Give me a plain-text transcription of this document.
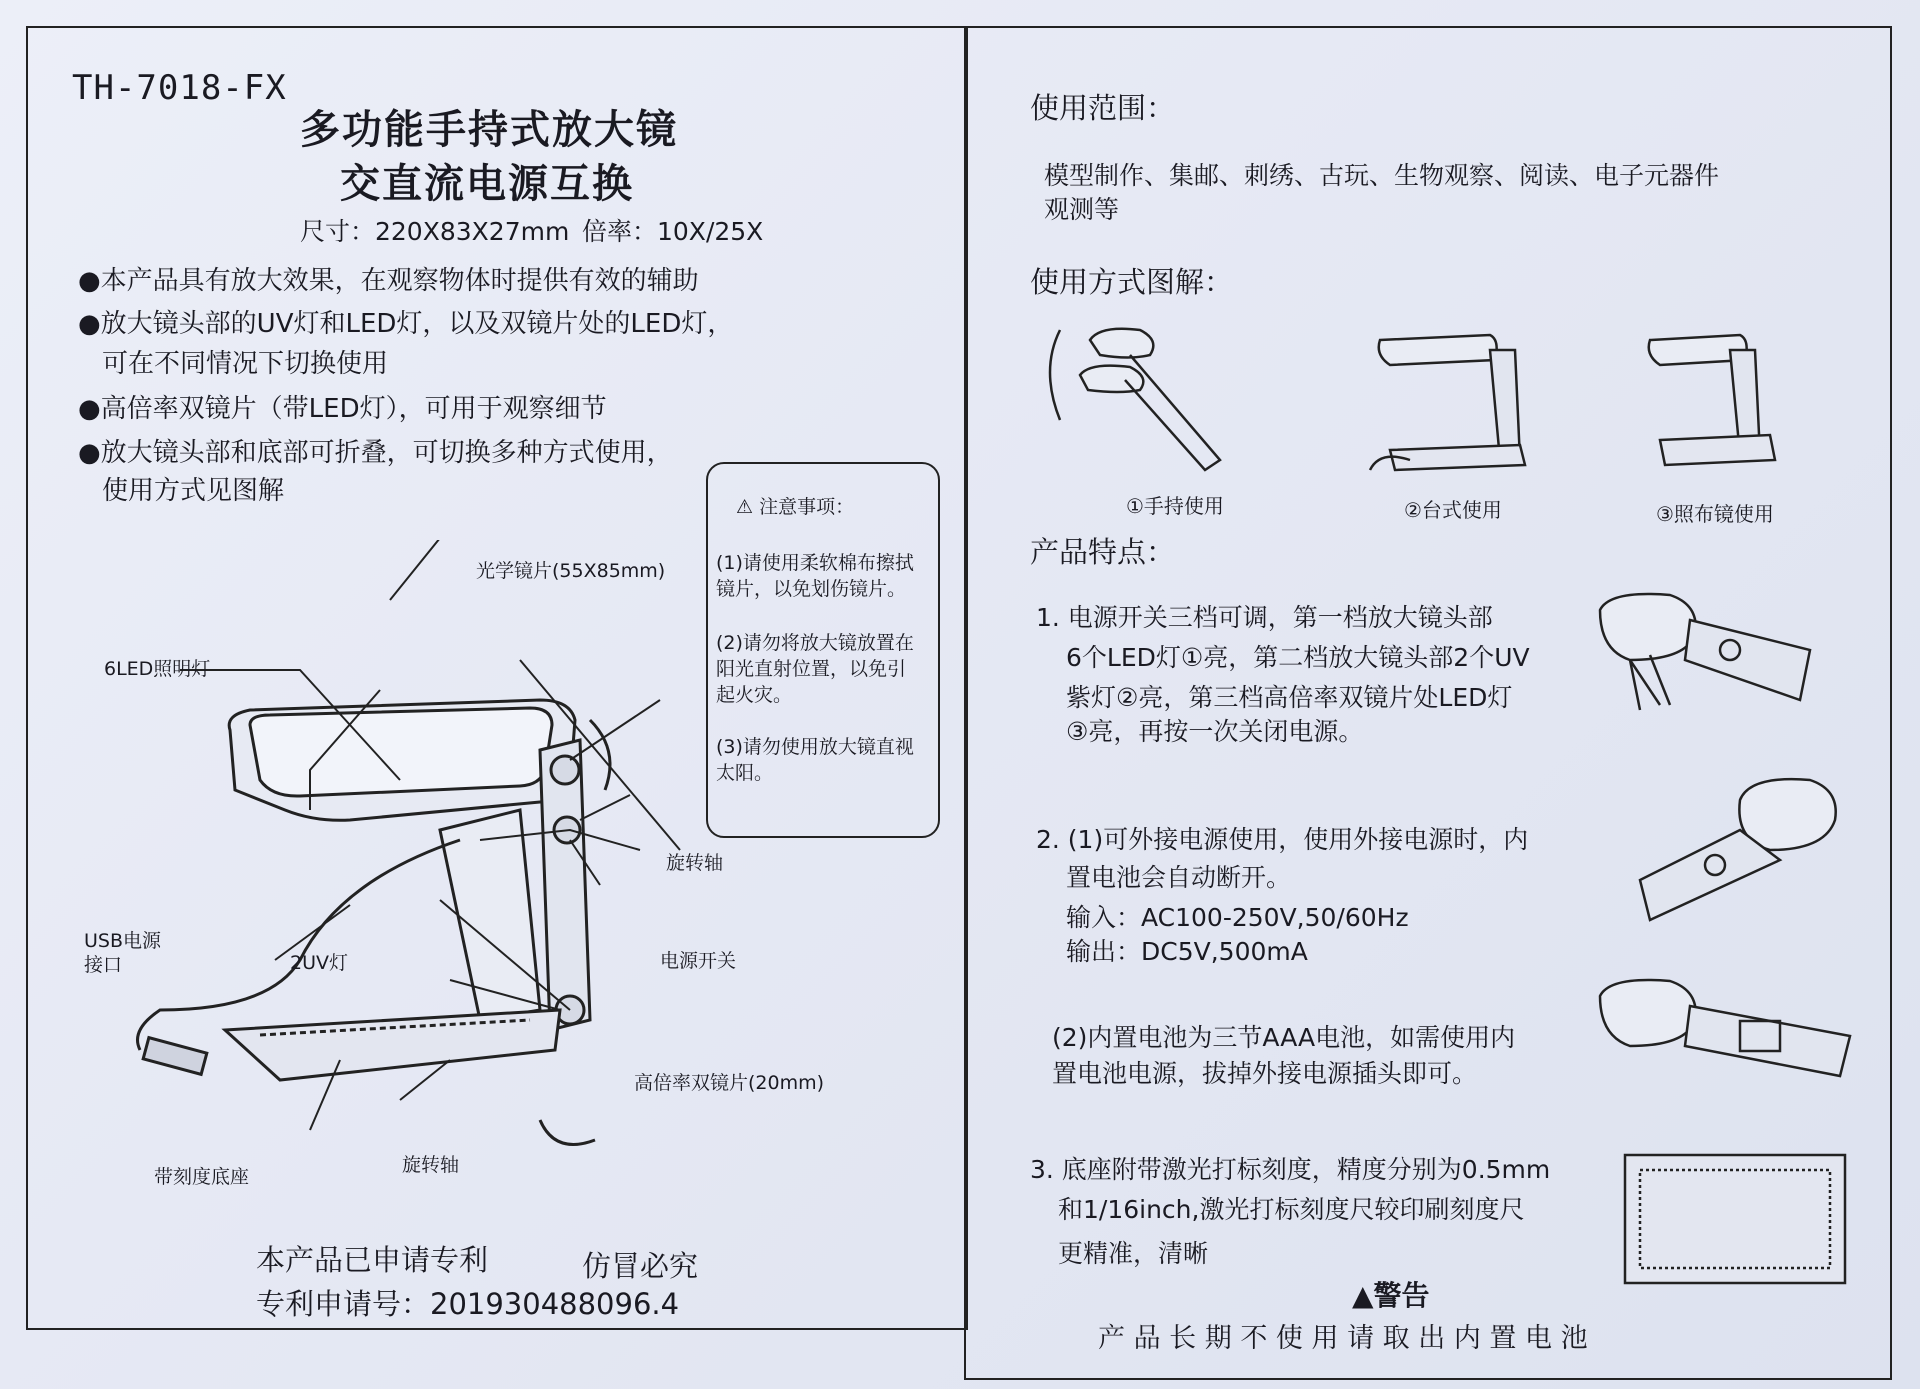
TH-7018-FX
多功能手持式放大镜
交直流电源互换
尺寸：220X83X27mm 倍率：10X/25X
●本产品具有放大效果，在观察物体时提供有效的辅助
●放大镜头部的UV灯和LED灯，以及双镜片处的LED灯，
可在不同情况下切换使用
●高倍率双镜片（带LED灯），可用于观察细节
●放大镜头部和底部可折叠，可切换多种方式使用，
使用方式见图解
⚠ 注意事项：
(1)请使用柔软棉布擦拭
镜片，以免划伤镜片。
(2)请勿将放大镜放置在
阳光直射位置，以免引
起火灾。
(3)请勿使用放大镜直视
太阳。
光学镜片(55X85mm)
6LED照明灯
旋转轴
USB电源
接口	2UV灯	电源开关
高倍率双镜片(20mm)
带刻度底座
旋转轴
本产品已申请专利	仿冒必究
专利申请号：201930488096.4
使用范围：
模型制作、集邮、刺绣、古玩、生物观察、阅读、电子元器件
观测等
使用方式图解：
①手持使用	②台式使用	③照布镜使用
产品特点：
1. 电源开关三档可调，第一档放大镜头部
6个LED灯①亮，第二档放大镜头部2个UV
紫灯②亮，第三档高倍率双镜片处LED灯
③亮，再按一次关闭电源。
2. (1)可外接电源使用，使用外接电源时，内
置电池会自动断开。
输入：AC100-250V,50/60Hz
输出：DC5V,500mA
(2)内置电池为三节AAA电池，如需使用内
置电池电源，拔掉外接电源插头即可。
3. 底座附带激光打标刻度，精度分别为0.5mm
和1/16inch,激光打标刻度尺较印刷刻度尺
更精准，清晰
▲警告
产 品 长 期 不 使 用 请 取 出 内 置 电 池
